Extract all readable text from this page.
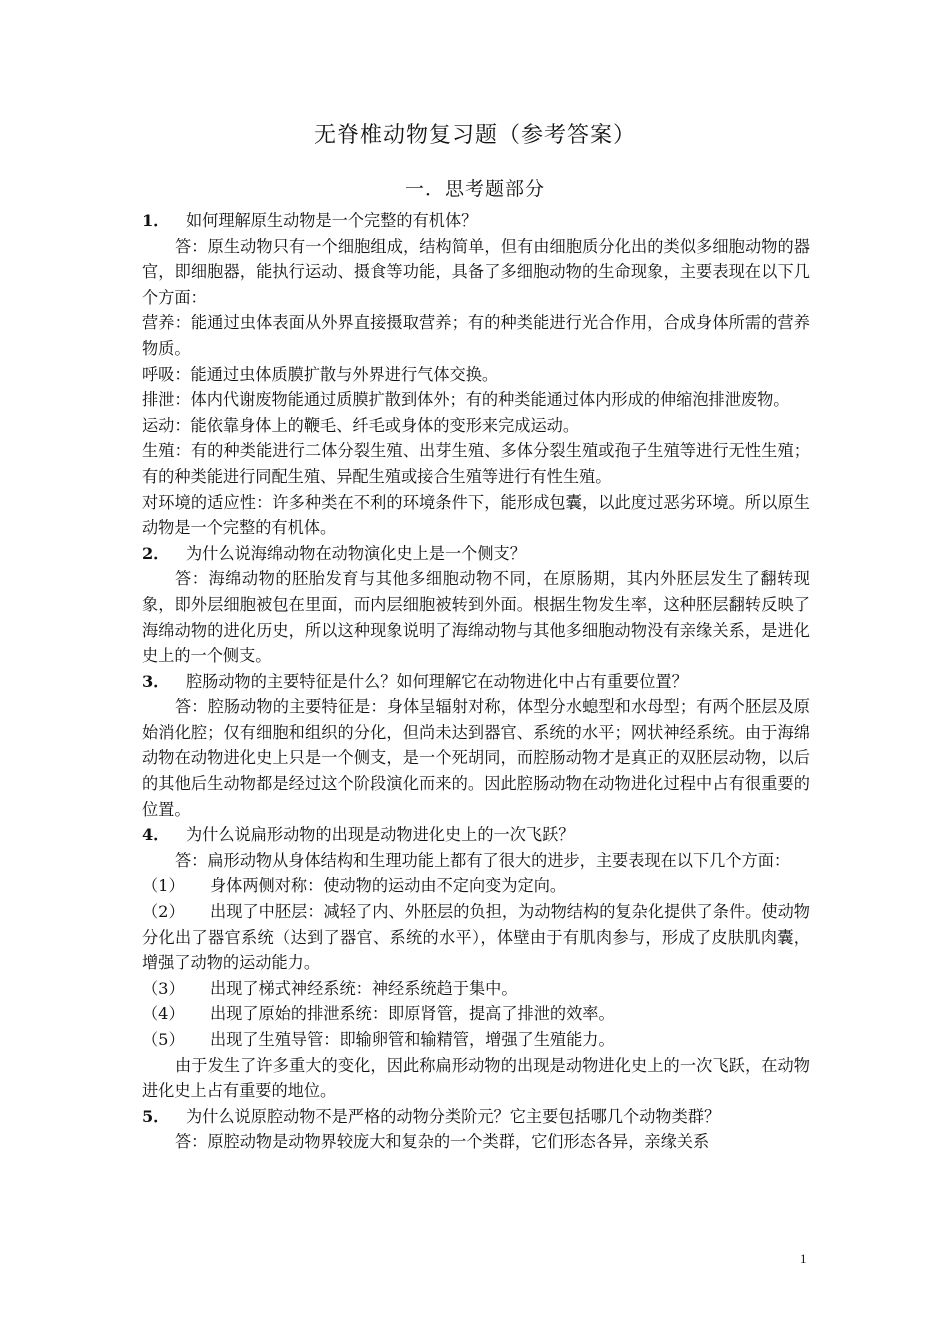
无脊椎动物复习题（参考答案）
一．思考题部分

1．	如何理解原生动物是一个完整的有机体？

答：原生动物只有一个细胞组成，结构简单，但有由细胞质分化出的类似多细胞动物的器官，即细胞器，能执行运动、摄食等功能，具备了多细胞动物的生命现象，主要表现在以下几个方面：

营养：能通过虫体表面从外界直接摄取营养；有的种类能进行光合作用，合成身体所需的营养物质。

呼吸：能通过虫体质膜扩散与外界进行气体交换。

排泄：体内代谢废物能通过质膜扩散到体外；有的种类能通过体内形成的伸缩泡排泄废物。

运动：能依靠身体上的鞭毛、纤毛或身体的变形来完成运动。

生殖：有的种类能进行二体分裂生殖、出芽生殖、多体分裂生殖或孢子生殖等进行无性生殖；有的种类能进行同配生殖、异配生殖或接合生殖等进行有性生殖。

对环境的适应性：许多种类在不利的环境条件下，能形成包囊，以此度过恶劣环境。所以原生动物是一个完整的有机体。

2．	为什么说海绵动物在动物演化史上是一个侧支？

答：海绵动物的胚胎发育与其他多细胞动物不同，在原肠期，其内外胚层发生了翻转现象，即外层细胞被包在里面，而内层细胞被转到外面。根据生物发生率，这种胚层翻转反映了海绵动物的进化历史，所以这种现象说明了海绵动物与其他多细胞动物没有亲缘关系，是进化史上的一个侧支。

3．	腔肠动物的主要特征是什么？如何理解它在动物进化中占有重要位置？

答：腔肠动物的主要特征是：身体呈辐射对称，体型分水螅型和水母型；有两个胚层及原始消化腔；仅有细胞和组织的分化，但尚未达到器官、系统的水平；网状神经系统。由于海绵动物在动物进化史上只是一个侧支，是一个死胡同，而腔肠动物才是真正的双胚层动物，以后的其他后生动物都是经过这个阶段演化而来的。因此腔肠动物在动物进化过程中占有很重要的位置。

4．	为什么说扁形动物的出现是动物进化史上的一次飞跃？

答：扁形动物从身体结构和生理功能上都有了很大的进步，主要表现在以下几个方面：

（1）	身体两侧对称：使动物的运动由不定向变为定向。

（2） 出现了中胚层：减轻了内、外胚层的负担，为动物结构的复杂化提供了条件。使动物分化出了器官系统（达到了器官、系统的水平），体壁由于有肌肉参与，形成了皮肤肌肉囊，增强了动物的运动能力。

（3）	出现了梯式神经系统：神经系统趋于集中。

（4）	出现了原始的排泄系统：即原肾管，提高了排泄的效率。

（5）	出现了生殖导管：即输卵管和输精管，增强了生殖能力。

由于发生了许多重大的变化，因此称扁形动物的出现是动物进化史上的一次飞跃，在动物进化史上占有重要的地位。

5．	为什么说原腔动物不是严格的动物分类阶元？它主要包括哪几个动物类群？

答：原腔动物是动物界较庞大和复杂的一个类群，它们形态各异，亲缘关系

1
